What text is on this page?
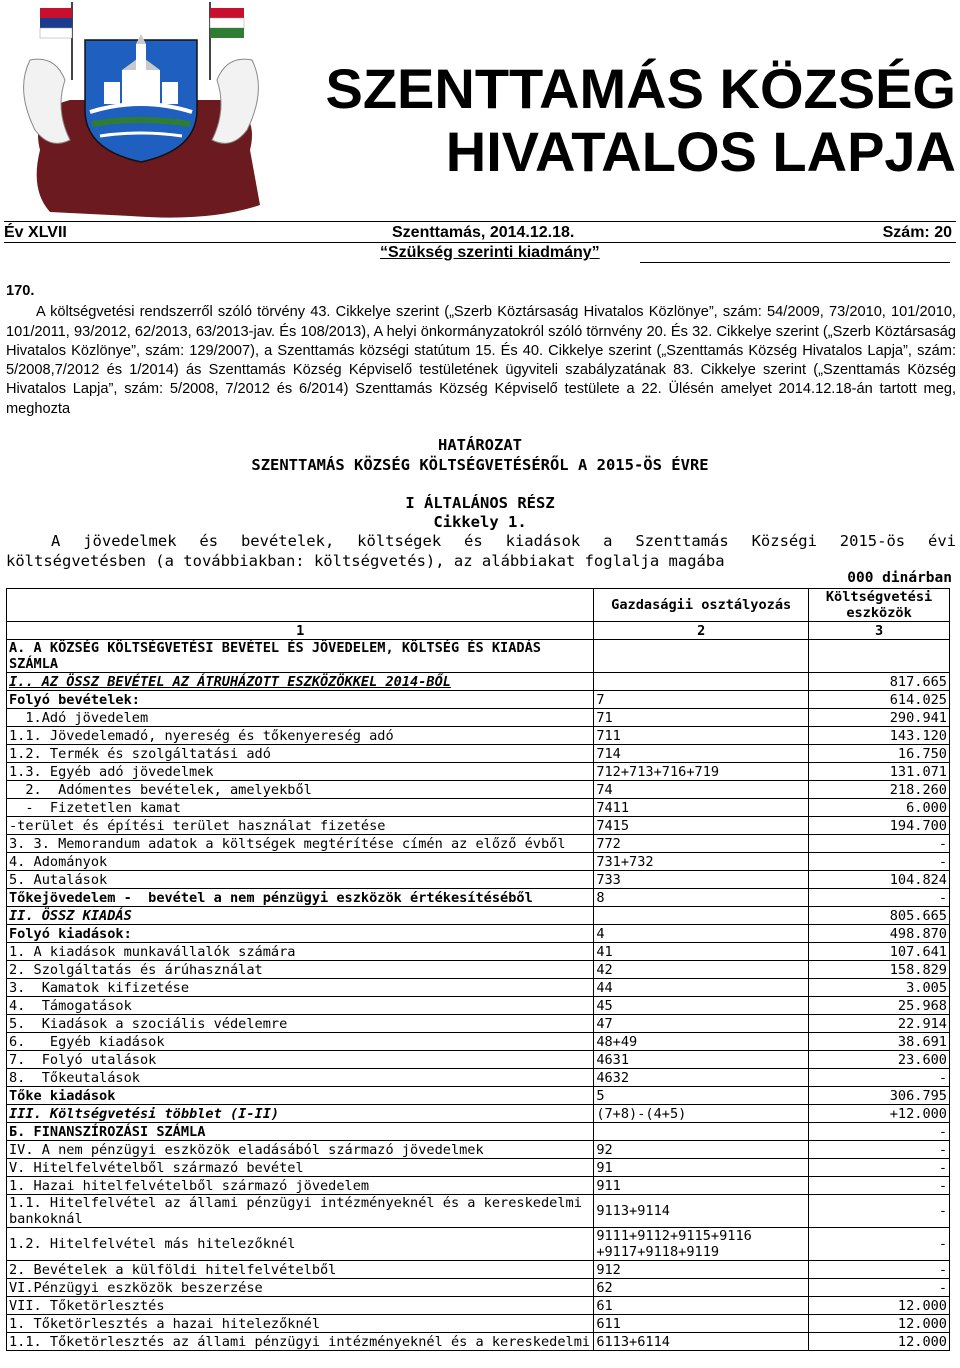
SZENTTAMÁS KÖZSÉG
HIVATALOS LAPJA
Év XLVII	Szenttamás, 2014.12.18.	Szám: 20
“Szükség szerinti kiadmány”
170.
A költségvetési rendszerről szóló törvény 43. Cikkelye szerint („Szerb Köztársaság Hivatalos Közlönye”, szám: 54/2009, 73/2010, 101/2010, 101/2011, 93/2012, 62/2013, 63/2013-jav. És 108/2013), A helyi önkormányzatokról szóló törnvény 20. És 32. Cikkelye szerint („Szerb Köztársaság Hivatalos Közlönye”, szám: 129/2007), a Szenttamás községi statútum 15. És 40. Cikkelye szerint („Szenttamás Község Hivatalos Lapja”, szám: 5/2008,7/2012 és 1/2014) ás Szenttamás Község Képviselő testületének ügyviteli szabályzatának 83. Cikkelye szerint („Szenttamás Község Hivatalos Lapja”, szám: 5/2008, 7/2012 és 6/2014) Szenttamás Község Képviselő testülete a 22. Ülésén amelyet 2014.12.18-án tartott meg, meghozta
HATÁROZAT
SZENTTAMÁS KÖZSÉG KÖLTSÉGVETÉSÉRŐL A 2015-ÖS ÉVRE
I ÁLTALÁNOS RÉSZ
Cikkely 1.
A jövedelmek és bevételek, költségek és kiadások a Szenttamás Községi 2015-ös évi költségvetésben (a továbbiakban: költségvetés), az alábbiakat foglalja magába
000 dinárban
	Gazdaságii osztályozás	Költségvetési eszközök
1	2	3
A. A KÖZSÉG KÖLTSÉGVETÉSI BEVÉTEL ÉS JÖVEDELEM, KÖLTSÉG ÉS KIADÁS SZÁMLA		
I.. AZ ÖSSZ BEVÉTEL AZ ÁTRUHÁZOTT ESZKÖZÖKKEL 2014-BŐL		817.665
Folyó bevételek:	7	614.025
1.Adó jövedelem	71	290.941
1.1. Jövedelemadó, nyereség és tőkenyereség adó	711	143.120
1.2. Termék és szolgáltatási adó	714	16.750
1.3. Egyéb adó jövedelmek	712+713+716+719	131.071
2.  Adómentes bevételek, amelyekből	74	218.260
-  Fizetetlen kamat	7411	6.000
-terület és építési terület használat fizetése	7415	194.700
3. 3. Memorandum adatok a költségek megtérítése címén az előző évből	772	-
4. Adományok	731+732	-
5. Autalások	733	104.824
Tőkejövedelem -  bevétel a nem pénzügyi eszközök értékesítéséből	8	-
II. ÖSSZ KIADÁS		805.665
Folyó kiadások:	4	498.870
1. A kiadások munkavállalók számára	41	107.641
2. Szolgáltatás és árúhasználat	42	158.829
3.  Kamatok kifizetése	44	3.005
4.  Támogatások	45	25.968
5.  Kiadások a szociális védelemre	47	22.914
6.   Egyéb kiadások	48+49	38.691
7.  Folyó utalások	4631	23.600
8.  Tőkeutalások	4632	-
Tőke kiadások	5	306.795
III. Költségvetési többlet (I-II)	(7+8)-(4+5)	+12.000
Б. FINANSZÍROZÁSI SZÁMLA		-
IV. A nem pénzügyi eszközök eladásából származó jövedelmek	92	-
V. Hitelfelvételből származó bevétel	91	-
1. Hazai hitelfelvételből származó jövedelem	911	-
1.1. Hitelfelvétel az állami pénzügyi intézményeknél és a kereskedelmi bankoknál	9113+9114	-
1.2. Hitelfelvétel más hitelezőknél	9111+9112+9115+9116 +9117+9118+9119	-
2. Bevételek a külföldi hitelfelvételből	912	-
VI.Pénzügyi eszközök beszerzése	62	-
VII. Tőketörlesztés	61	12.000
1. Tőketörlesztés a hazai hitelezőknél	611	12.000
1.1. Tőketörlesztés az állami pénzügyi intézményeknél és a kereskedelmi	6113+6114	12.000
